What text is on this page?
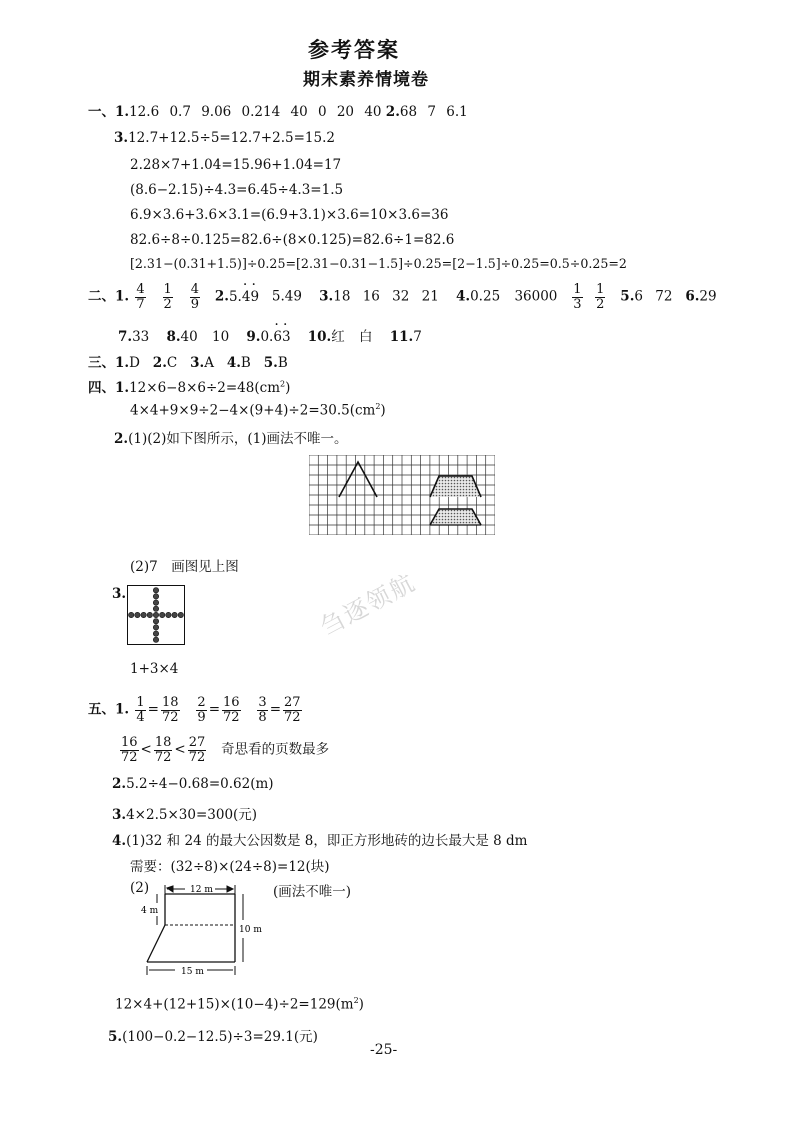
参考答案
期末素养情境卷
一、1.12.6 0.7 9.06 0.214 40 0 20 40 2.68 7 6.1
3.12.7+12.5÷5=12.7+2.5=15.2
2.28×7+1.04=15.96+1.04=17
(8.6−2.15)÷4.3=6.45÷4.3=1.5
6.9×3.6+3.6×3.1=(6.9+3.1)×3.6=10×3.6=36
82.6÷8÷0.125=82.6÷(8×0.125)=82.6÷1=82.6
[2.31−(0.31+1.5)]÷0.25=[2.31−0.31−1.5]÷0.25=[2−1.5]÷0.25=0.5÷0.25=2
二、1. $\frac{4}{7}$
$\frac{1}{2}$
$\frac{4}{9} 2.5.\cdot 4\cdot 9$ 5.49 3.18 16 32 21 4.0.25 $36000 \frac{1}{3}$
$\frac{1}{2} 5.6$ 72 6.29
7.33 8.40 10 9.0.· 6· 3 10.红 白 11.7
三、1.D 2.C 3.A 4.B 5.B
四、$1.12\times 6-8\times 6\div 2=48(cm^2)$
$4\times 4+9\times 9\div 2-4\times(9+4)\div 2=30.5(cm^2)$
2.(1)(2)如下图所示，(1)画法不唯一。
(2)7　画图见上图
3.
1+3×4
五、1. $\frac{1}{4} = \frac{18}{72}$
$\frac{2}{9} = \frac{16}{72}$
$\frac{3}{8} = \frac{27}{72}$
$\frac{16}{72} < \frac{18}{72} < \frac{27}{72}$ 奇思看的页数最多
2.5.2÷4−0.68=0.62(m)
3.4×2.5×30=300(元)
4.(1)32 和 24 的最大公因数是 8，即正方形地砖的边长最大是 8 dm
需要：(32÷8)×(24÷8)=12(块)
(2)	(画法不唯一)
12 m
4 m
10 m
15 m
$12\times 4+(12+15)\times(10-4)\div 2=129(m^2)$
5.(100−0.2−12.5)÷3=29.1(元)
刍逐领航
-25-
